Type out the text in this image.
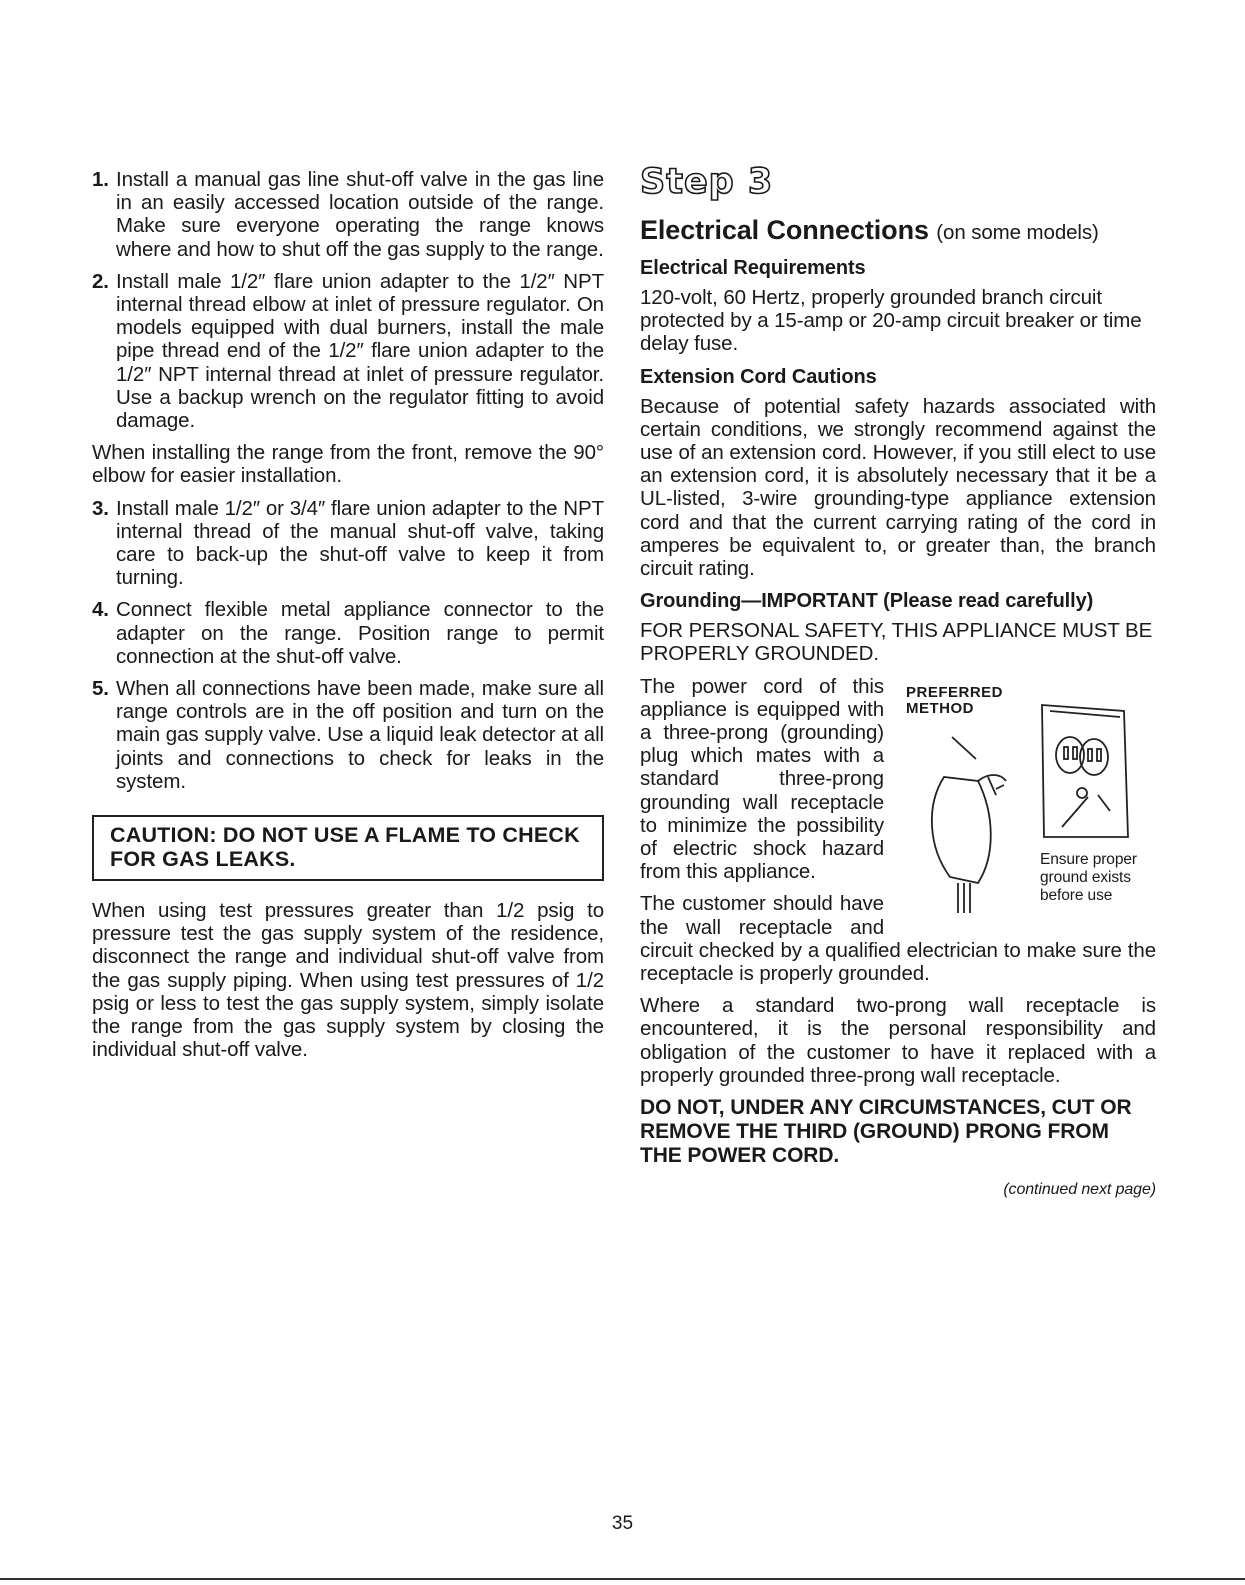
1. Install a manual gas line shut-off valve in the gas line in an easily accessed location outside of the range. Make sure everyone operating the range knows where and how to shut off the gas supply to the range.
2. Install male 1/2″ flare union adapter to the 1/2″ NPT internal thread elbow at inlet of pressure regulator. On models equipped with dual burners, install the male pipe thread end of the 1/2″ flare union adapter to the 1/2″ NPT internal thread at inlet of pressure regulator. Use a backup wrench on the regulator fitting to avoid damage.

When installing the range from the front, remove the 90° elbow for easier installation.

3. Install male 1/2″ or 3/4″ flare union adapter to the NPT internal thread of the manual shut-off valve, taking care to back-up the shut-off valve to keep it from turning.
4. Connect flexible metal appliance connector to the adapter on the range. Position range to permit connection at the shut-off valve.
5. When all connections have been made, make sure all range controls are in the off position and turn on the main gas supply valve. Use a liquid leak detector at all joints and connections to check for leaks in the system.
CAUTION: DO NOT USE A FLAME TO CHECK FOR GAS LEAKS.

When using test pressures greater than 1/2 psig to pressure test the gas supply system of the residence, disconnect the range and individual shut-off valve from the gas supply piping. When using test pressures of 1/2 psig or less to test the gas supply system, simply isolate the range from the gas supply system by closing the individual shut-off valve.

Step 3
Electrical Connections (on some models)
Electrical Requirements

120-volt, 60 Hertz, properly grounded branch circuit protected by a 15-amp or 20-amp circuit breaker or time delay fuse.

Extension Cord Cautions

Because of potential safety hazards associated with certain conditions, we strongly recommend against the use of an extension cord. However, if you still elect to use an extension cord, it is absolutely necessary that it be a UL-listed, 3-wire grounding-type appliance extension cord and that the current carrying rating of the cord in amperes be equivalent to, or greater than, the branch circuit rating.

Grounding—IMPORTANT (Please read carefully)

FOR PERSONAL SAFETY, THIS APPLIANCE MUST BE PROPERLY GROUNDED.

PREFERRED
METHOD
Ensure proper
ground exists
before use

The power cord of this appliance is equipped with a three-prong (grounding) plug which mates with a standard three-prong grounding wall receptacle to minimize the possibility of electric shock hazard from this appliance.

The customer should have the wall receptacle and circuit checked by a qualified electrician to make sure the receptacle is properly grounded.

Where a standard two-prong wall receptacle is encountered, it is the personal responsibility and obligation of the customer to have it replaced with a properly grounded three-prong wall receptacle.

DO NOT, UNDER ANY CIRCUMSTANCES, CUT OR REMOVE THE THIRD (GROUND) PRONG FROM THE POWER CORD.
(continued next page)
35
